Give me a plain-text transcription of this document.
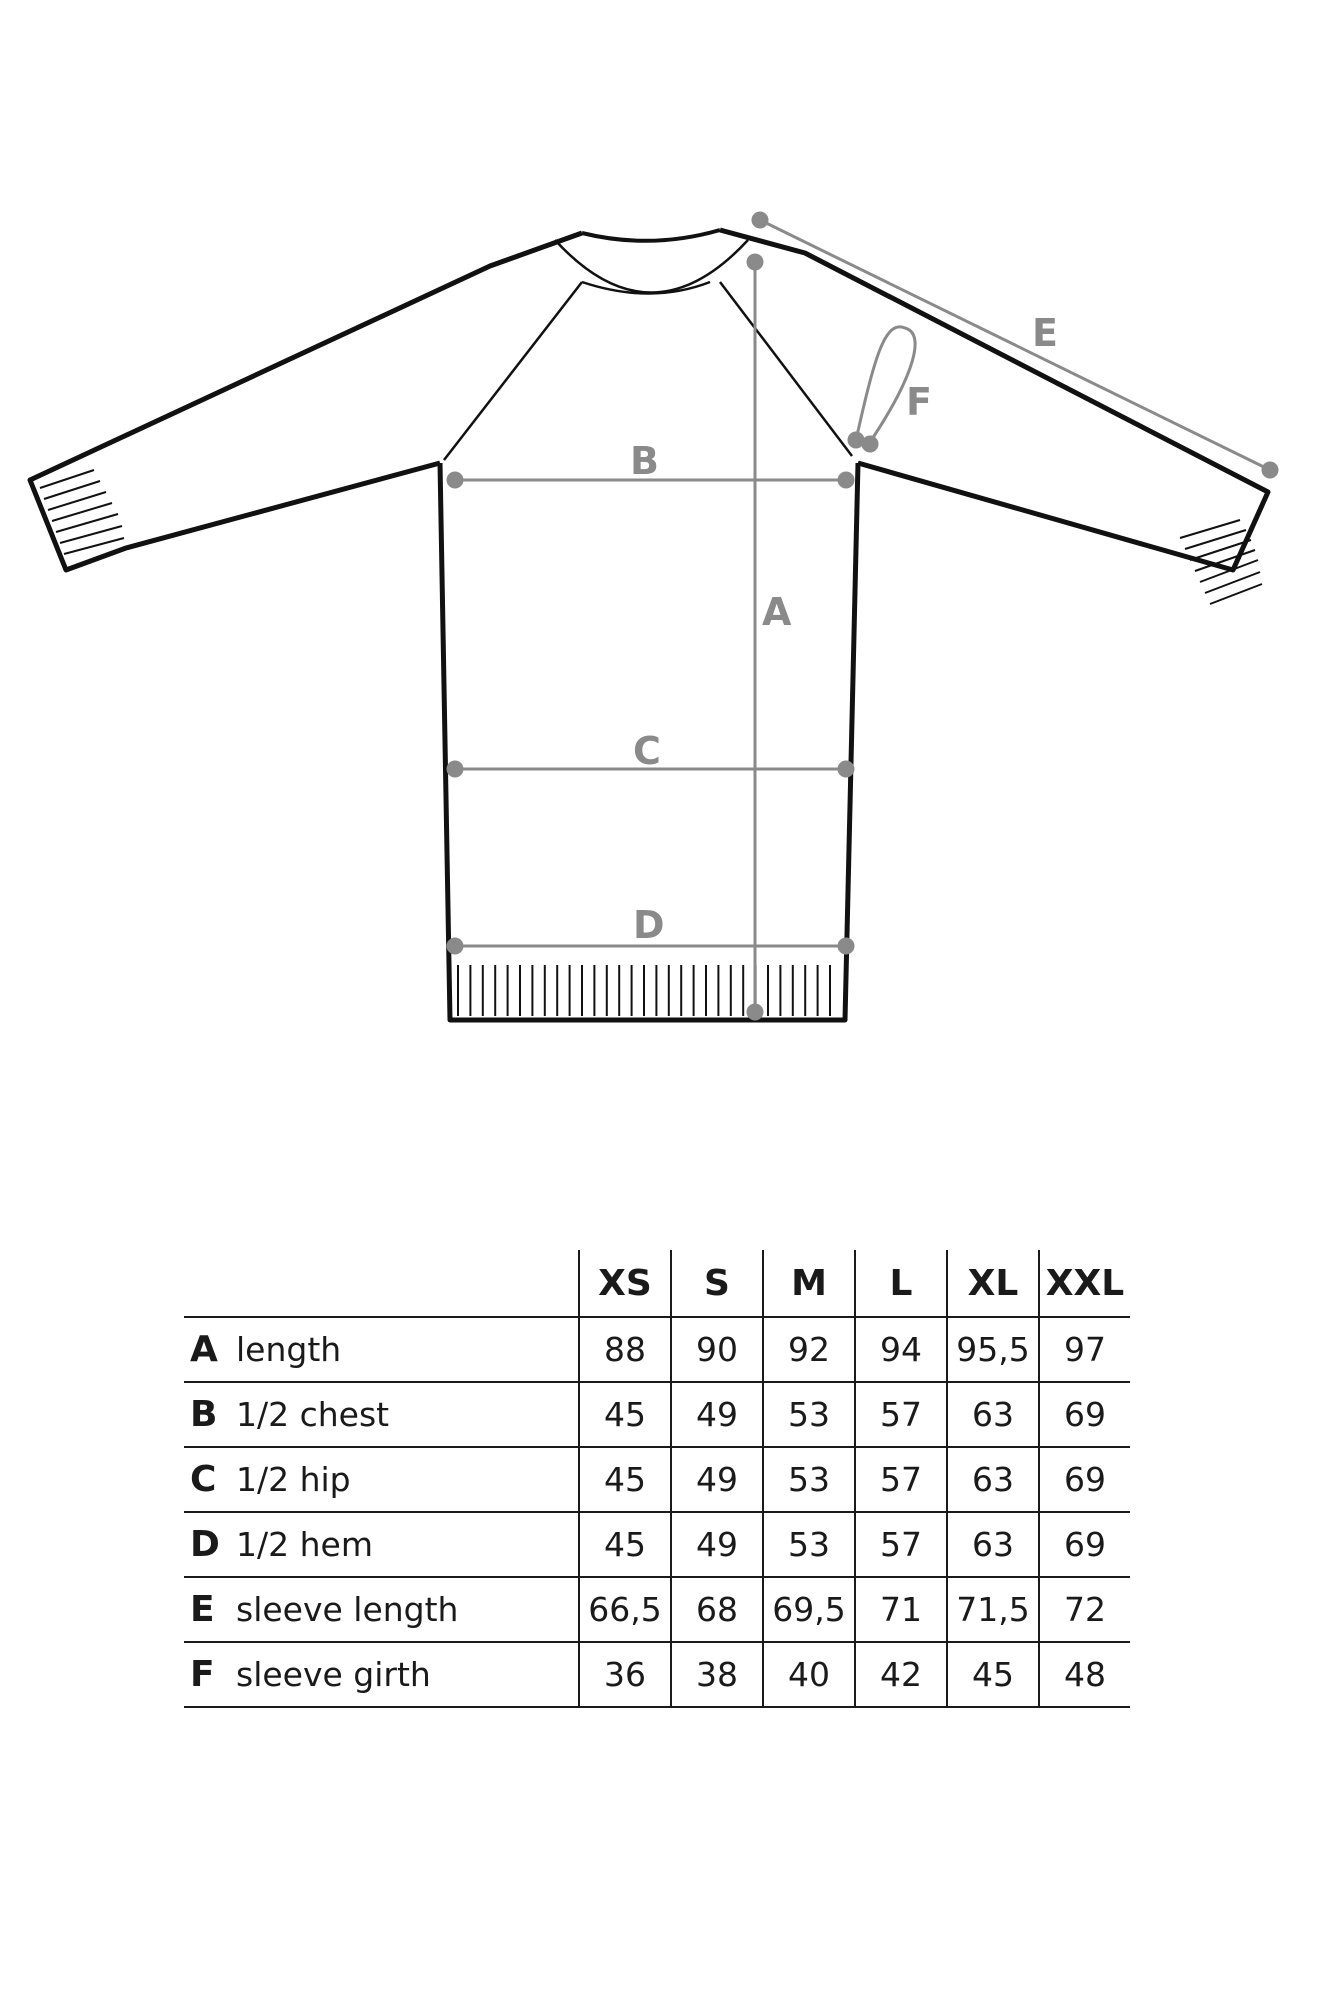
A
B
C
D
E
F
	XS	S	M	L	XL	XXL
A length	88	90	92	94	95,5	97
B 1/2 chest	45	49	53	57	63	69
C 1/2 hip	45	49	53	57	63	69
D 1/2 hem	45	49	53	57	63	69
E sleeve length	66,5	68	69,5	71	71,5	72
F sleeve girth	36	38	40	42	45	48
